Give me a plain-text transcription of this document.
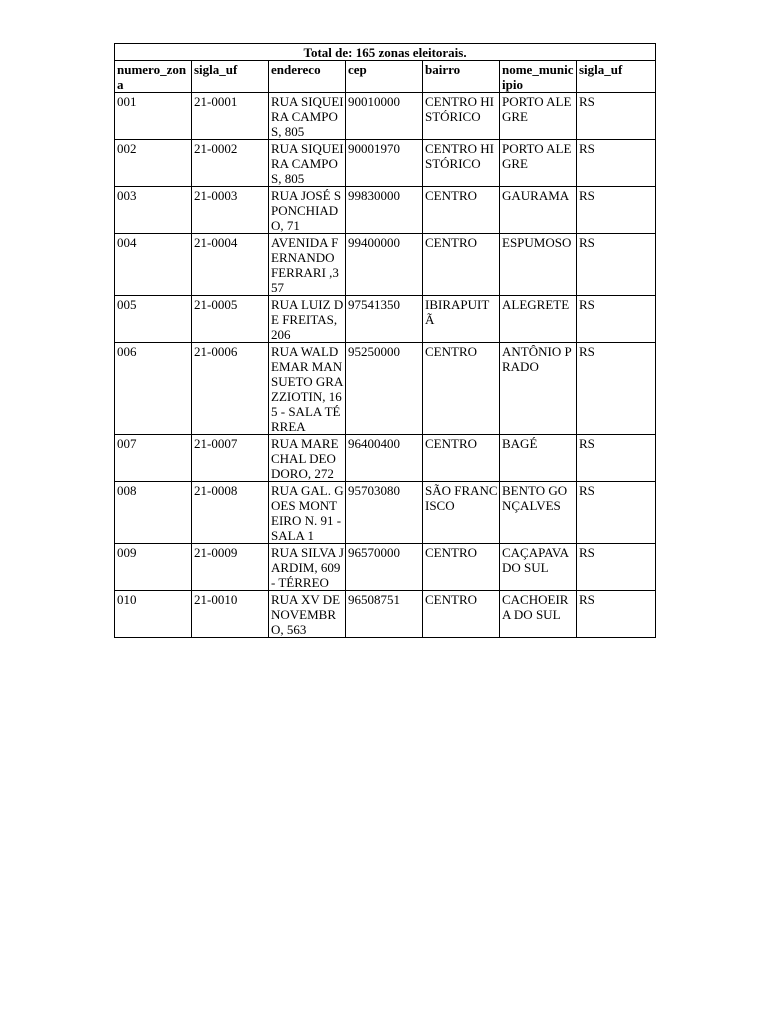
Total de: 165 zonas eleitorais.						
numero_zona	sigla_uf	endereco	cep	bairro	nome_municipio	sigla_uf
001	21-0001	RUA SIQUEIRA CAMPOS, 805	90010000	CENTRO HISTÓRICO	PORTO ALEGRE	RS
002	21-0002	RUA SIQUEIRA CAMPOS, 805	90001970	CENTRO HISTÓRICO	PORTO ALEGRE	RS
003	21-0003	RUA JOSÉ SPONCHIADO, 71	99830000	CENTRO	GAURAMA	RS
004	21-0004	AVENIDA FERNANDO FERRARI ,357	99400000	CENTRO	ESPUMOSO	RS
005	21-0005	RUA LUIZ DE FREITAS, 206	97541350	IBIRAPUITÃ	ALEGRETE	RS
006	21-0006	RUA WALDEMAR MANSUETO GRAZZIOTIN, 165 - SALA TÉRREA	95250000	CENTRO	ANTÔNIO PRADO	RS
007	21-0007	RUA MARECHAL DEODORO, 272	96400400	CENTRO	BAGÉ	RS
008	21-0008	RUA GAL. GOES MONTEIRO N. 91 - SALA 1	95703080	SÃO FRANCISCO	BENTO GONÇALVES	RS
009	21-0009	RUA SILVA JARDIM, 609 - TÉRREO	96570000	CENTRO	CAÇAPAVA DO SUL	RS
010	21-0010	RUA XV DE NOVEMBRO, 563	96508751	CENTRO	CACHOEIRA DO SUL	RS
